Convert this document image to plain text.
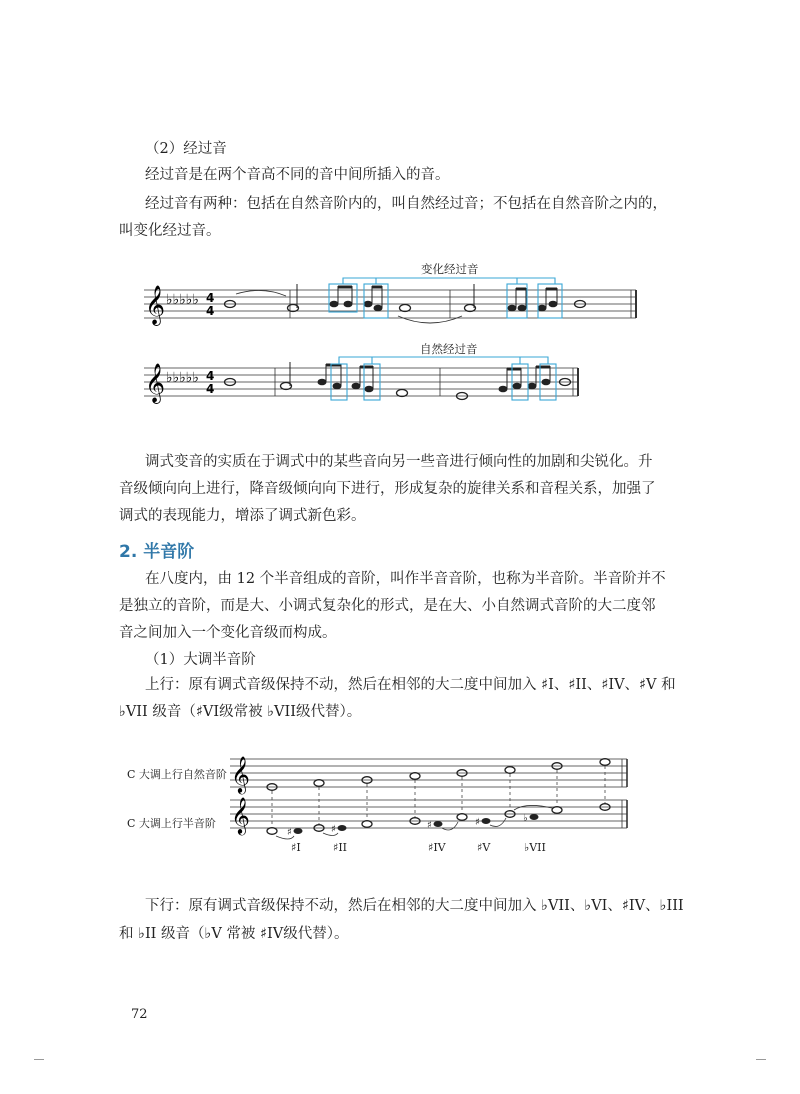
（2）经过音

经过音是在两个音高不同的音中间所插入的音。

经过音有两种：包括在自然音阶内的，叫自然经过音；不包括在自然音阶之内的，

叫变化经过音。

变化经过音
自然经过音
𝄞 ♭♭♭♭♭ 4
4
𝄞 ♭♭♭♭♭ 4
4

调式变音的实质在于调式中的某些音向另一些音进行倾向性的加剧和尖锐化。升

音级倾向向上进行，降音级倾向向下进行，形成复杂的旋律关系和音程关系，加强了

调式的表现能力，增添了调式新色彩。

2. 半音阶

在八度内，由 12 个半音组成的音阶，叫作半音音阶，也称为半音阶。半音阶并不

是独立的音阶，而是大、小调式复杂化的形式，是在大、小自然调式音阶的大二度邻

音之间加入一个变化音级而构成。

（1）大调半音阶

上行：原有调式音级保持不动，然后在相邻的大二度中间加入 ♯I、♯II、♯IV、♯V 和

♭VII 级音（♯VI级常被 ♭VII级代替）。

C 大调上行自然音阶
C 大调上行半音阶
𝄞
𝄞	♯	♯	♯	♯	♭
♯I	♯II	♯IV	♯V	♭VII

下行：原有调式音级保持不动，然后在相邻的大二度中间加入 ♭VII、♭VI、♯IV、♭III

和 ♭II 级音（♭V 常被 ♯IV级代替）。

72
